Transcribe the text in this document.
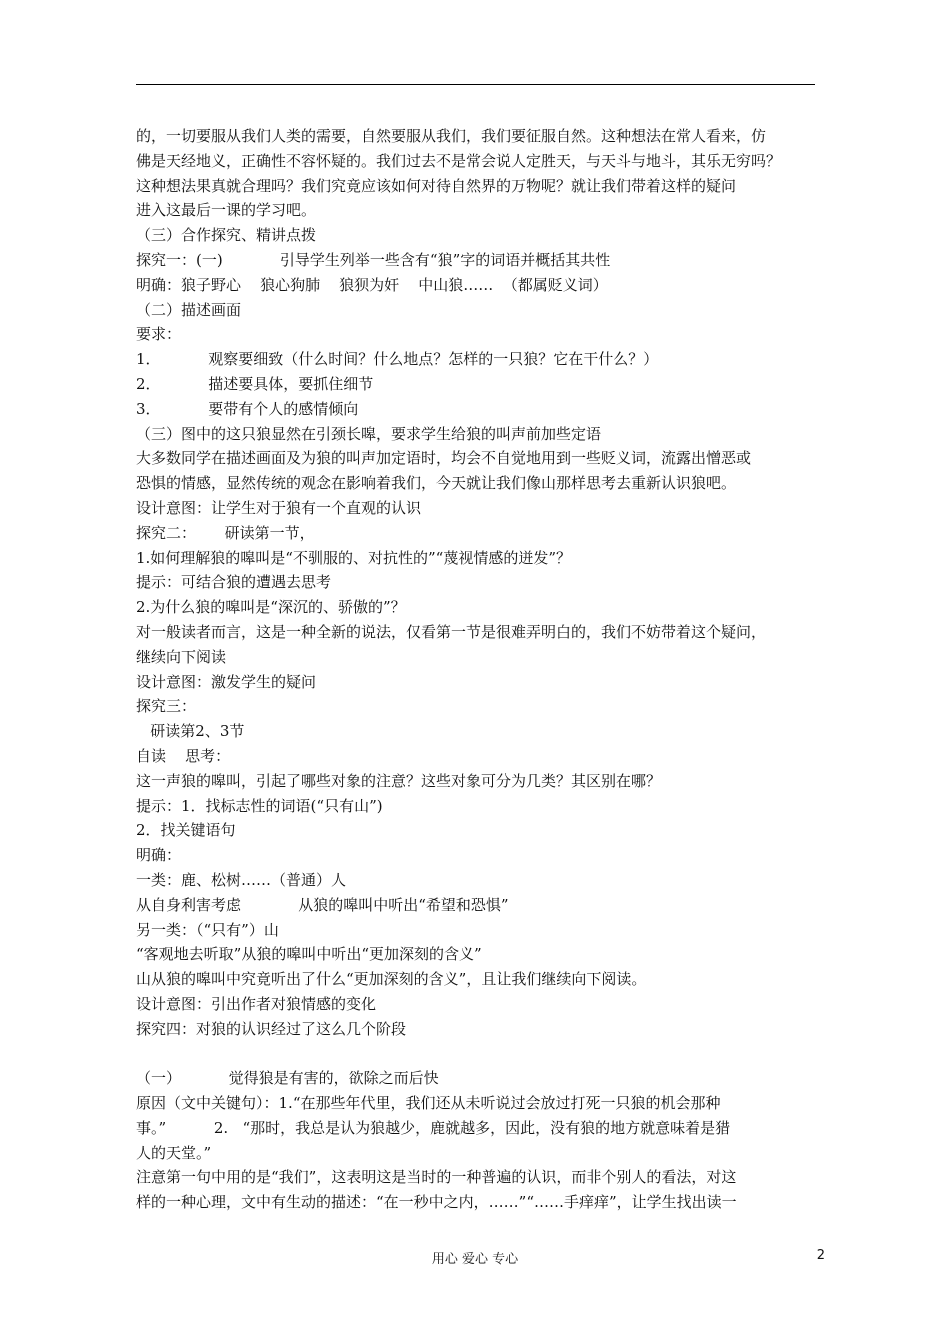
的，一切要服从我们人类的需要，自然要服从我们，我们要征服自然。这种想法在常人看来，仿
佛是天经地义，正确性不容怀疑的。我们过去不是常会说人定胜天，与天斗与地斗，其乐无穷吗？
这种想法果真就合理吗？我们究竟应该如何对待自然界的万物呢？就让我们带着这样的疑问
进入这最后一课的学习吧。
（三）合作探究、精讲点拨
探究一：(一)            引导学生列举一些含有“狼”字的词语并概括其共性
明确：狼子野心    狼心狗肺    狼狈为奸    中山狼……  （都属贬义词）
（二）描述画面
要求：
1．          观察要细致（什么时间？什么地点？怎样的一只狼？它在干什么？）
2．          描述要具体，要抓住细节
3．          要带有个人的感情倾向
（三）图中的这只狼显然在引颈长嗥，要求学生给狼的叫声前加些定语
大多数同学在描述画面及为狼的叫声加定语时，均会不自觉地用到一些贬义词，流露出憎恶或
恐惧的情感，显然传统的观念在影响着我们，今天就让我们像山那样思考去重新认识狼吧。
设计意图：让学生对于狼有一个直观的认识
探究二：      研读第一节，
1.如何理解狼的嗥叫是“不驯服的、对抗性的”“蔑视情感的迸发”？
提示：可结合狼的遭遇去思考
2.为什么狼的嗥叫是“深沉的、骄傲的”？
对一般读者而言，这是一种全新的说法，仅看第一节是很难弄明白的，我们不妨带着这个疑问，
继续向下阅读
设计意图：激发学生的疑问
探究三：
研读第2、3节
自读    思考：
这一声狼的嗥叫，引起了哪些对象的注意？这些对象可分为几类？其区别在哪？
提示：1．找标志性的词语(“只有山”)
2．找关键语句
明确：
一类：鹿、松树……（普通）人
从自身利害考虑            从狼的嗥叫中听出“希望和恐惧”
另一类：（“只有”）山
“客观地去听取”从狼的嗥叫中听出“更加深刻的含义”
山从狼的嗥叫中究竟听出了什么“更加深刻的含义”，且让我们继续向下阅读。
设计意图：引出作者对狼情感的变化
探究四：对狼的认识经过了这么几个阶段
（一）          觉得狼是有害的，欲除之而后快
原因（文中关键句）：1.“在那些年代里，我们还从未听说过会放过打死一只狼的机会那种
事。”          2.   “那时，我总是认为狼越少，鹿就越多，因此，没有狼的地方就意味着是猎
人的天堂。”
注意第一句中用的是“我们”，这表明这是当时的一种普遍的认识，而非个别人的看法，对这
样的一种心理，文中有生动的描述：“在一秒中之内，……”“……手痒痒”，让学生找出读一
用心 爱心 专心	2
